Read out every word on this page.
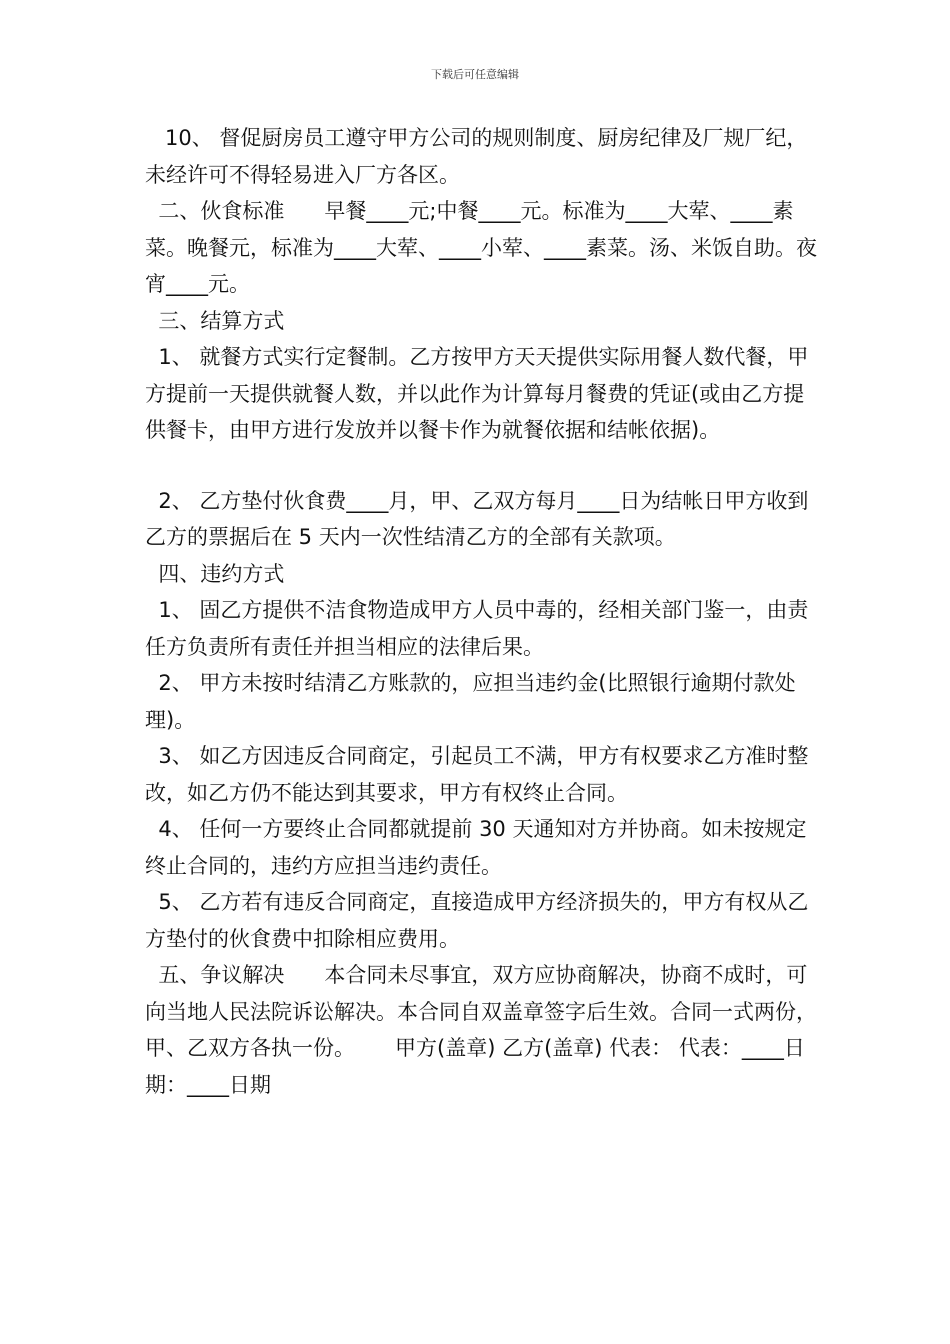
下载后可任意编辑

10、 督促厨房员工遵守甲方公司的规则制度、厨房纪律及厂规厂纪，未经许可不得轻易进入厂方各区。

二、伙食标准      早餐____元;中餐____元。标准为____大荤、____素菜。晚餐元，标准为____大荤、____小荤、____素菜。汤、米饭自助。夜宵____元。

三、结算方式

1、 就餐方式实行定餐制。乙方按甲方天天提供实际用餐人数代餐，甲方提前一天提供就餐人数，并以此作为计算每月餐费的凭证(或由乙方提供餐卡，由甲方进行发放并以餐卡作为就餐依据和结帐依据)。

2、 乙方垫付伙食费____月，甲、乙双方每月____日为结帐日甲方收到乙方的票据后在 5 天内一次性结清乙方的全部有关款项。

四、违约方式

1、 固乙方提供不洁食物造成甲方人员中毒的，经相关部门鉴一，由责任方负责所有责任并担当相应的法律后果。

2、 甲方未按时结清乙方账款的，应担当违约金(比照银行逾期付款处理)。

3、 如乙方因违反合同商定，引起员工不满，甲方有权要求乙方准时整改，如乙方仍不能达到其要求，甲方有权终止合同。

4、 任何一方要终止合同都就提前 30 天通知对方并协商。如未按规定终止合同的，违约方应担当违约责任。

5、 乙方若有违反合同商定，直接造成甲方经济损失的，甲方有权从乙方垫付的伙食费中扣除相应费用。

五、争议解决      本合同未尽事宜，双方应协商解决，协商不成时，可向当地人民法院诉讼解决。本合同自双盖章签字后生效。合同一式两份，甲、乙双方各执一份。      甲方(盖章) 乙方(盖章) 代表： 代表：____日期：____日期
